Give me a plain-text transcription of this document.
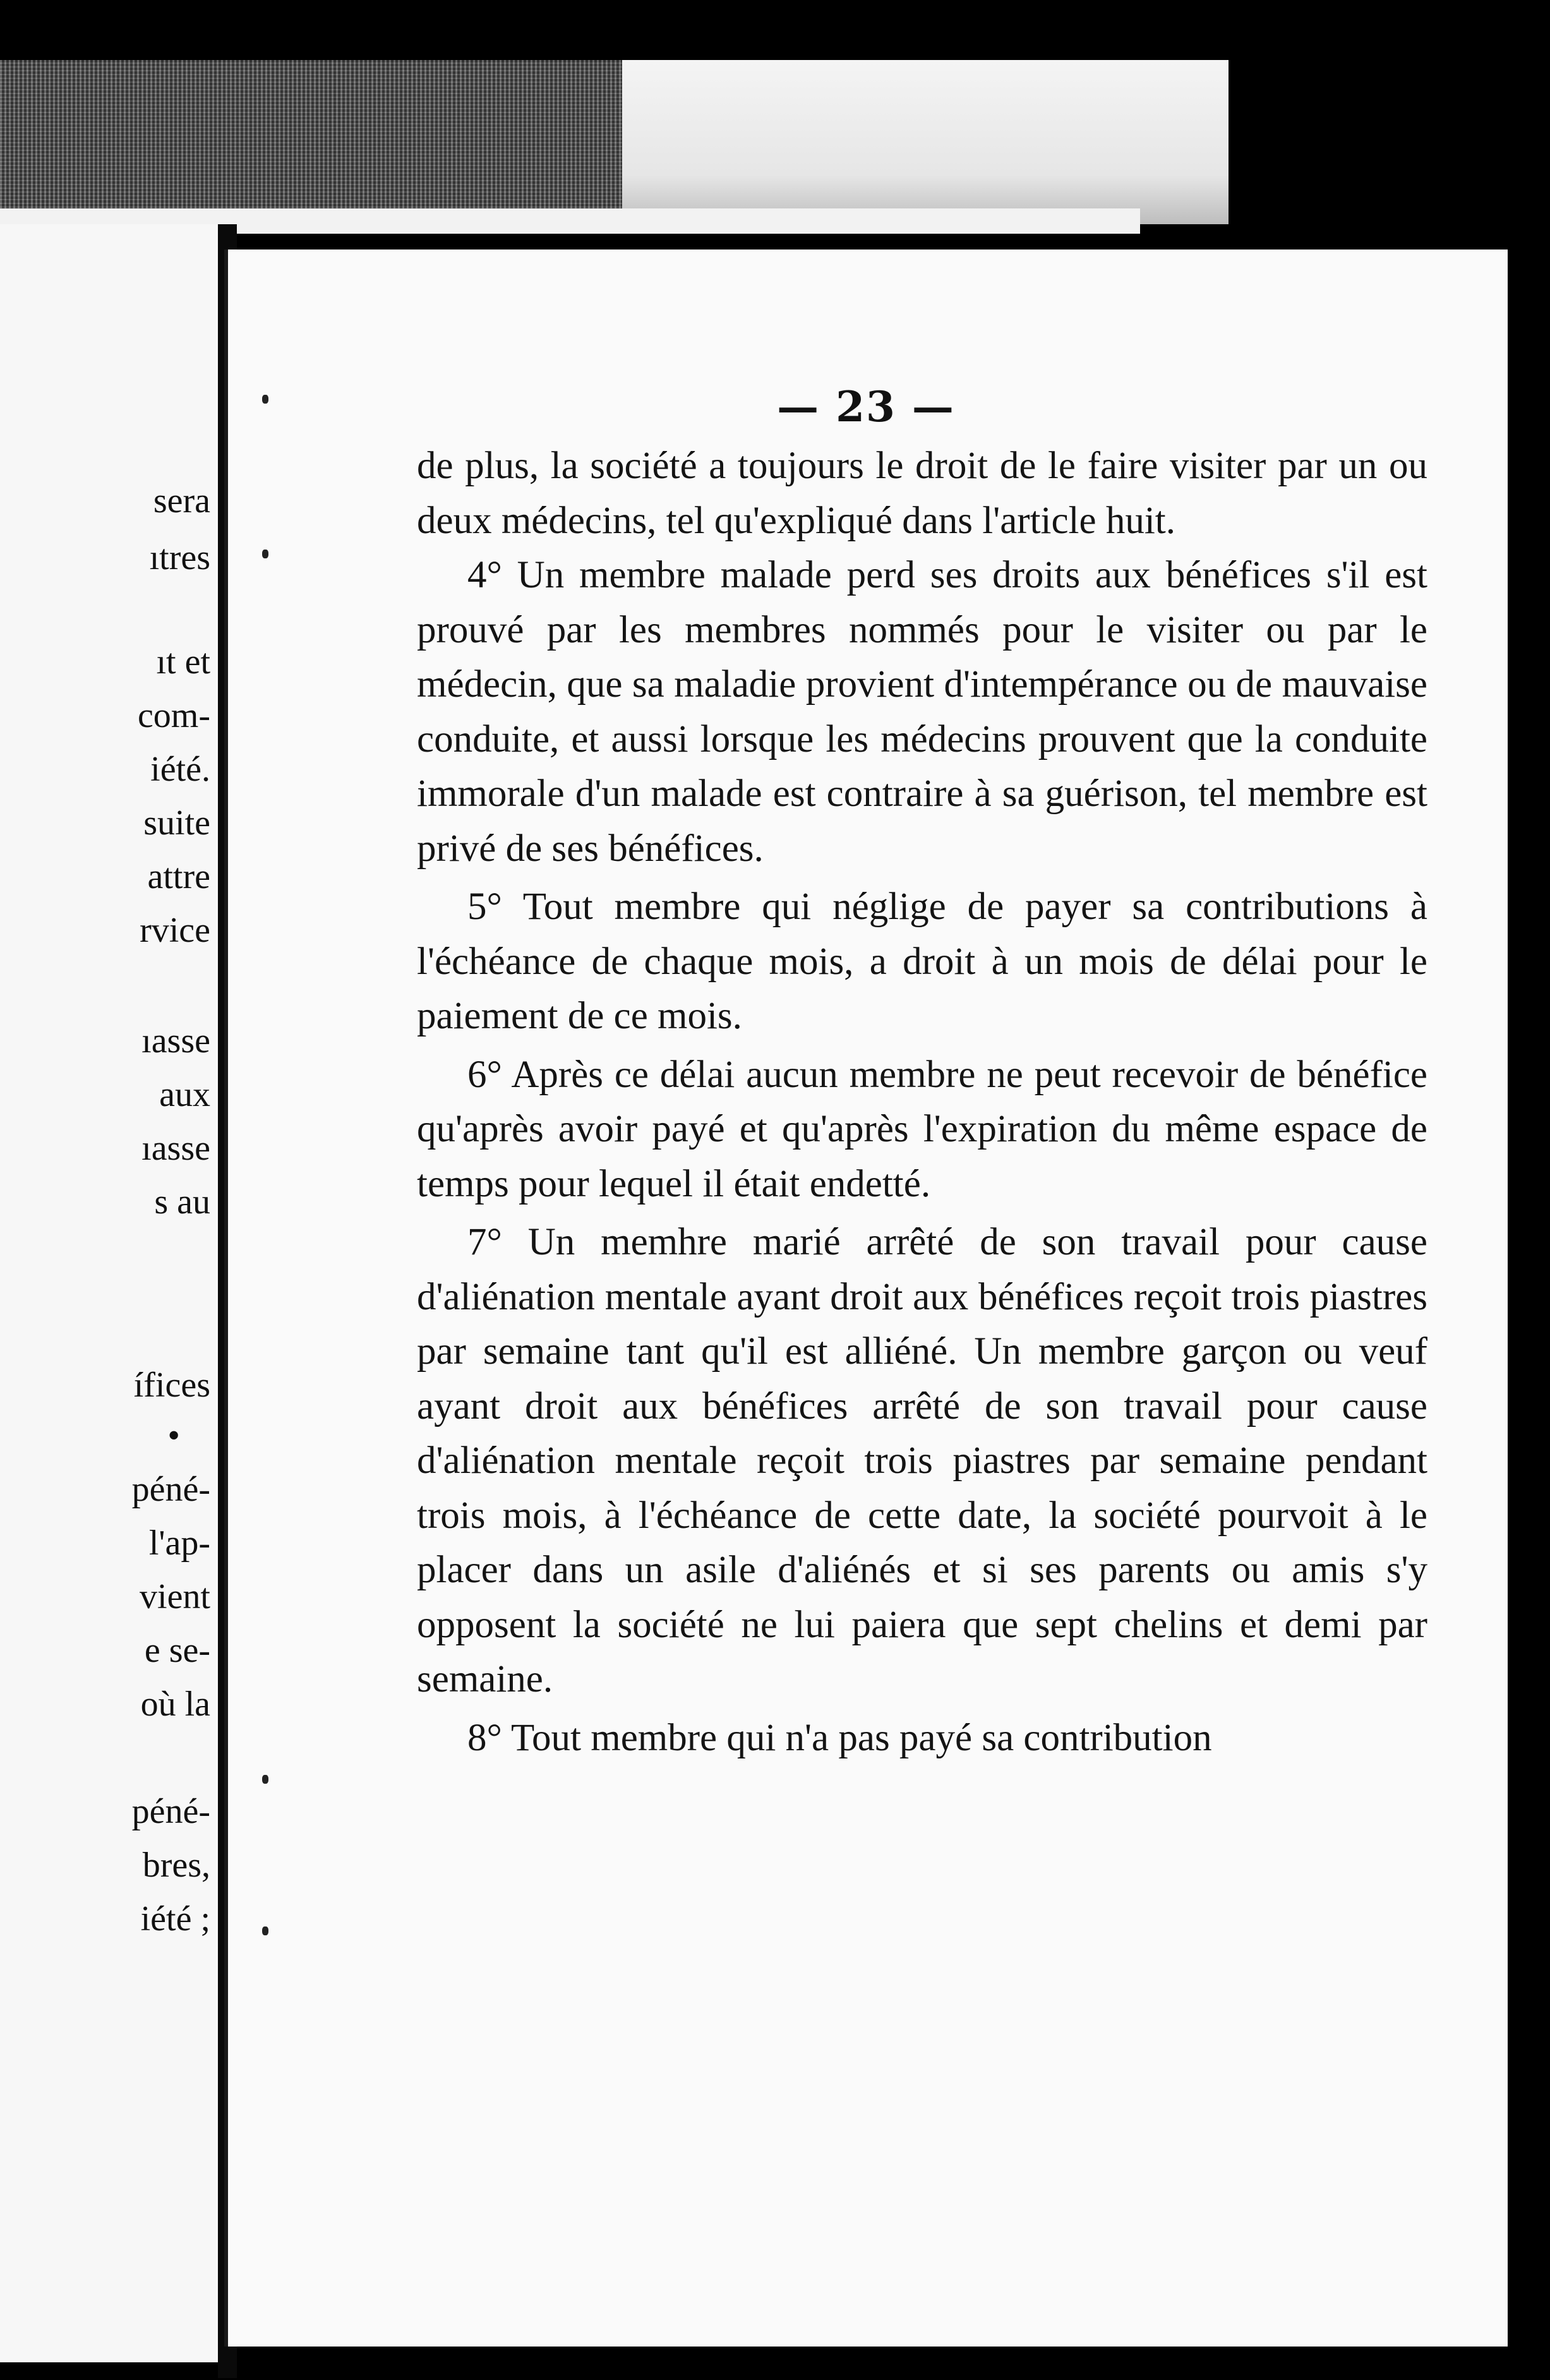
sera
ıtres
ıt et
com-
iété.
suite
attre
rvice
ıasse
aux
ıasse
s au
ífices
•
péné-
l'ap-
vient
e se-
où la
péné-
bres,
iété ;
— 23 —

de plus, la société a toujours le droit de le faire visiter par un ou deux médecins, tel qu'expliqué dans l'article huit.

4° Un membre malade perd ses droits aux bénéfices s'il est prouvé par les membres nommés pour le visiter ou par le médecin, que sa maladie provient d'intempérance ou de mauvaise conduite, et aussi lorsque les médecins prouvent que la conduite immorale d'un malade est contraire à sa guérison, tel membre est privé de ses bénéfices.

5° Tout membre qui néglige de payer sa contributions à l'échéance de chaque mois, a droit à un mois de délai pour le paiement de ce mois.

6° Après ce délai aucun membre ne peut recevoir de bénéfice qu'après avoir payé et qu'après l'expiration du même espace de temps pour lequel il était endetté.

7° Un memhre marié arrêté de son travail pour cause d'aliénation mentale ayant droit aux bénéfices reçoit trois piastres par semaine tant qu'il est alliéné. Un membre garçon ou veuf ayant droit aux bénéfices arrêté de son travail pour cause d'aliénation mentale reçoit trois piastres par semaine pendant trois mois, à l'échéance de cette date, la société pourvoit à le placer dans un asile d'aliénés et si ses parents ou amis s'y opposent la société ne lui paiera que sept chelins et demi par semaine.

8° Tout membre qui n'a pas payé sa contribution
